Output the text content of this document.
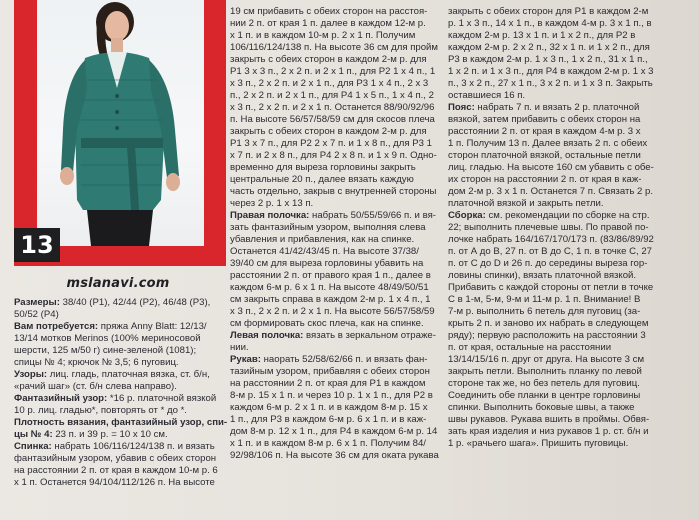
13
mslanavi.com

Размеры: 38/40 (Р1), 42/44 (Р2), 46/48 (Р3),

50/52 (Р4)

Вам потребуется: пряжа Anny Blatt: 12/13/

13/14 мотков Merinos (100% мериносовой

шерсти, 125 м/50 г) сине-зеленой (1081);

спицы № 4; крючок № 3,5; 6 пуговиц.

Узоры: лиц. гладь, платочная вязка, ст. б/н,

«рачий шаг» (ст. б/н слева направо).

Фантазийный узор: *16 р. платочной вязкой

10 р. лиц. гладью*, повторять от * до *.

Плотность вязания, фантазийный узор, спи-

цы № 4: 23 п. и 39 р. = 10 х 10 см.

Спинка: набрать 106/116/124/138 п. и вязать

фантазийным узором, убавив с обеих сторон

на расстоянии 2 п. от края в каждом 10-м р. 6

х 1 п. Останется 94/104/112/126 п. На высоте

19 см прибавить с обеих сторон на расстоя-

нии 2 п. от края 1 п. далее в каждом 12-м р.

х 1 п. и в каждом 10-м р. 2 х 1 п. Получим

106/116/124/138 п. На высоте 36 см для пройм

закрыть с обеих сторон в каждом 2-м р. для

Р1 3 х 3 п., 2 х 2 п. и 2 х 1 п., для Р2 1 х 4 п., 1

х 3 п., 2 х 2 п. и 2 х 1 п., для Р3 1 х 4 п., 2 х 3

п., 2 х 2 п. и 2 х 1 п., для Р4 1 х 5 п., 1 х 4 п., 2

х 3 п., 2 х 2 п. и 2 х 1 п. Останется 88/90/92/96

п. На высоте 56/57/58/59 см для скосов плеча

закрыть с обеих сторон в каждом 2-м р. для

Р1 3 х 7 п., для Р2 2 х 7 п. и 1 х 8 п., для Р3 1

х 7 п. и 2 х 8 п., для Р4 2 х 8 п. и 1 х 9 п. Одно-

временно для выреза горловины закрыть

центральные 20 п., далее вязать каждую

часть отдельно, закрыв с внутренней стороны

через 2 р. 1 х 13 п.

Правая полочка: набрать 50/55/59/66 п. и вя-

зать фантазийным узором, выполняя слева

убавления и прибавления, как на спинке.

Останется 41/42/43/45 п. На высоте 37/38/

39/40 см для выреза горловины убавить на

расстоянии 2 п. от правого края 1 п., далее в

каждом 6-м р. 6 х 1 п. На высоте 48/49/50/51

см закрыть справа в каждом 2-м р. 1 х 4 п., 1

х 3 п., 2 х 2 п. и 2 х 1 п. На высоте 56/57/58/59

см формировать скос плеча, как на спинке.

Левая полочка: вязать в зеркальном отраже-

нии.

Рукав: наорать 52/58/62/66 п. и вязать фан-

тазийным узором, прибавляя с обеих сторон

на расстоянии 2 п. от края для Р1 в каждом

8-м р. 15 х 1 п. и через 10 р. 1 х 1 п., для Р2 в

каждом 6-м р. 2 х 1 п. и в каждом 8-м р. 15 х

1 п., для Р3 в каждом 6-м р. 6 х 1 п. и в каж-

дом 8-м р. 12 х 1 п., для Р4 в каждом 6-м р. 14

х 1 п. и в каждом 8-м р. 6 х 1 п. Получим 84/

92/98/106 п. На высоте 36 см для оката рукава

закрыть с обеих сторон для Р1 в каждом 2-м

р. 1 х 3 п., 14 х 1 п., в каждом 4-м р. 3 х 1 п., в

каждом 2-м р. 13 х 1 п. и 1 х 2 п., для Р2 в

каждом 2-м р. 2 х 2 п., 32 х 1 п. и 1 х 2 п., для

Р3 в каждом 2-м р. 1 х 3 п., 1 х 2 п., 31 х 1 п.,

1 х 2 п. и 1 х 3 п., для Р4 в каждом 2-м р. 1 х 3

п., 3 х 2 п., 27 х 1 п., 3 х 2 п. и 1 х 3 п. Закрыть

оставшиеся 16 п.

Пояс: набрать 7 п. и вязать 2 р. платочной

вязкой, затем прибавить с обеих сторон на

расстоянии 2 п. от края в каждом 4-м р. 3 х

1 п. Получим 13 п. Далее вязать 2 п. с обеих

сторон платочной вязкой, остальные петли

лиц. гладью. На высоте 160 см убавить с обе-

их сторон на расстоянии 2 п. от края в каж-

дом 2-м р. 3 х 1 п. Останется 7 п. Связать 2 р.

платочной вязкой и закрыть петли.

Сборка: см. рекомендации по сборке на стр.

22; выполнить плечевые швы. По правой по-

лочке набрать 164/167/170/173 п. (83/86/89/92

п. от А до В, 27 п. от В до С, 1 п. в точке С, 27

п. от С до D и 26 п. до середины выреза гор-

ловины спинки), вязать платочной вязкой.

Прибавить с каждой стороны от петли в точке

С в 1-м, 5-м, 9-м и 11-м р. 1 п. Внимание! В

7-м р. выполнить 6 петель для пуговиц (за-

крыть 2 п. и заново их набрать в следующем

ряду); первую расположить на расстоянии 3

п. от края, остальные на расстоянии

13/14/15/16 п. друг от друга. На высоте 3 см

закрыть петли. Выполнить планку по левой

стороне так же, но без петель для пуговиц.

Соединить обе планки в центре горловины

спинки. Выполнить боковые швы, а также

швы рукавов. Рукава вшить в проймы. Обвя-

зать края изделия и низ рукавов 1 р. ст. б/н и

1 р. «рачьего шага». Пришить пуговицы.
